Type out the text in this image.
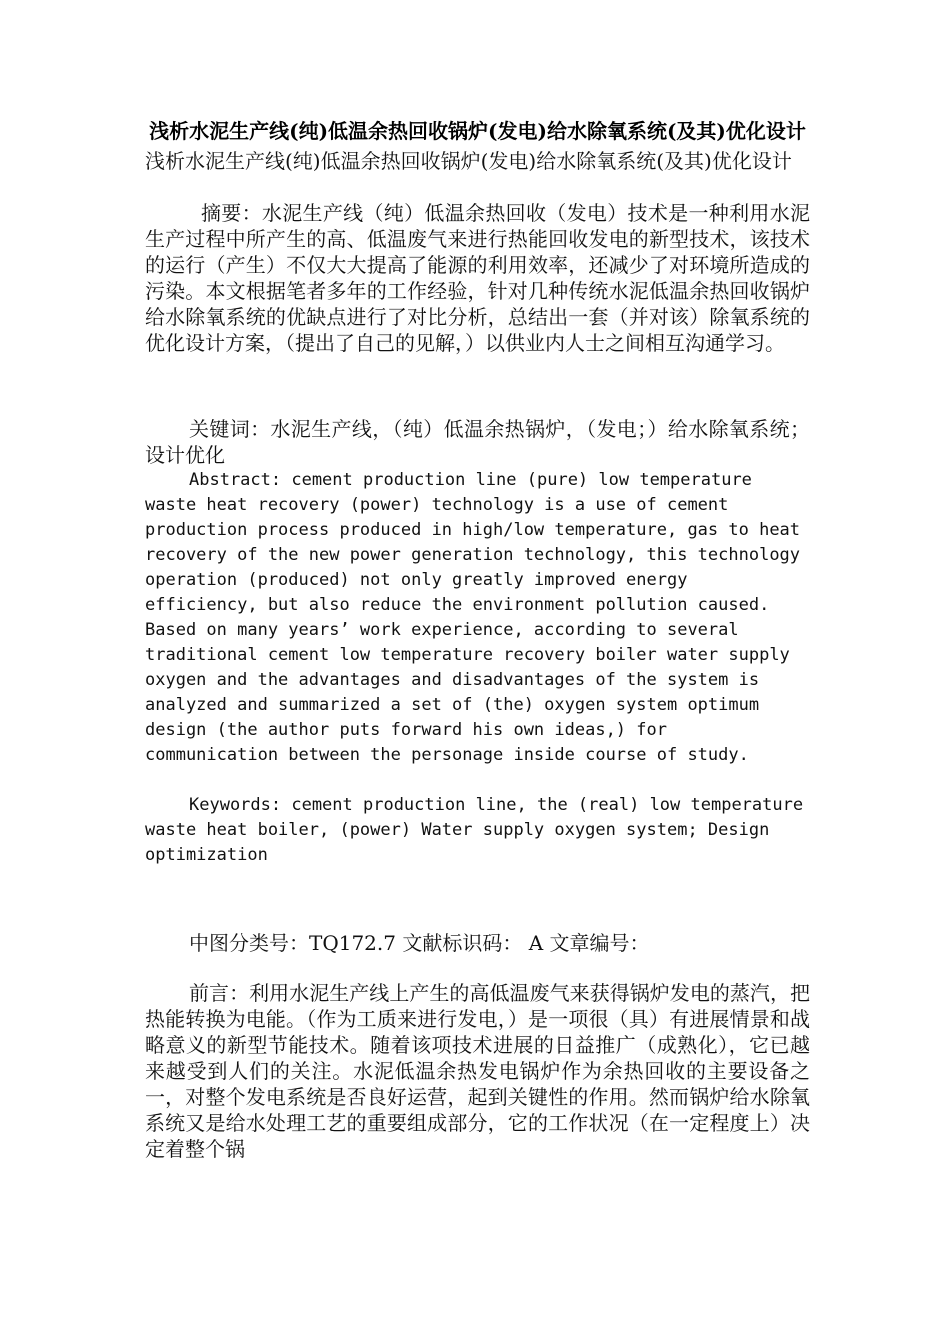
浅析水泥生产线(纯)低温余热回收锅炉(发电)给水除氧系统(及其)优化设计
浅析水泥生产线(纯)低温余热回收锅炉(发电)给水除氧系统(及其)优化设计

摘要：水泥生产线（纯）低温余热回收（发电）技术是一种利用水泥生产过程中所产生的高、低温废气来进行热能回收发电的新型技术，该技术的运行（产生）不仅大大提高了能源的利用效率，还减少了对环境所造成的污染。本文根据笔者多年的工作经验，针对几种传统水泥低温余热回收锅炉给水除氧系统的优缺点进行了对比分析，总结出一套（并对该）除氧系统的优化设计方案，（提出了自己的见解，）以供业内人士之间相互沟通学习。

关键词：水泥生产线，（纯）低温余热锅炉，（发电；）给水除氧系统；设计优化

Abstract: cement production line (pure) low temperature waste heat recovery (power) technology is a use of cement production process produced in high/low temperature, gas to heat recovery of the new power generation technology, this technology operation (produced) not only greatly improved energy efficiency, but also reduce the environment pollution caused. Based on many years’ work experience, according to several traditional cement low temperature recovery boiler water supply oxygen and the advantages and disadvantages of the system is analyzed and summarized a set of (the) oxygen system optimum design (the author puts forward his own ideas,) for communication between the personage inside course of study.

Keywords: cement production line, the (real) low temperature waste heat boiler, (power) Water supply oxygen system; Design optimization

中图分类号：TQ172.7 文献标识码： A 文章编号：

前言：利用水泥生产线上产生的高低温废气来获得锅炉发电的蒸汽，把热能转换为电能。（作为工质来进行发电，）是一项很（具）有进展情景和战略意义的新型节能技术。随着该项技术进展的日益推广（成熟化），它已越来越受到人们的关注。水泥低温余热发电锅炉作为余热回收的主要设备之一，对整个发电系统是否良好运营，起到关键性的作用。然而锅炉给水除氧系统又是给水处理工艺的重要组成部分，它的工作状况（在一定程度上）决定着整个锅
